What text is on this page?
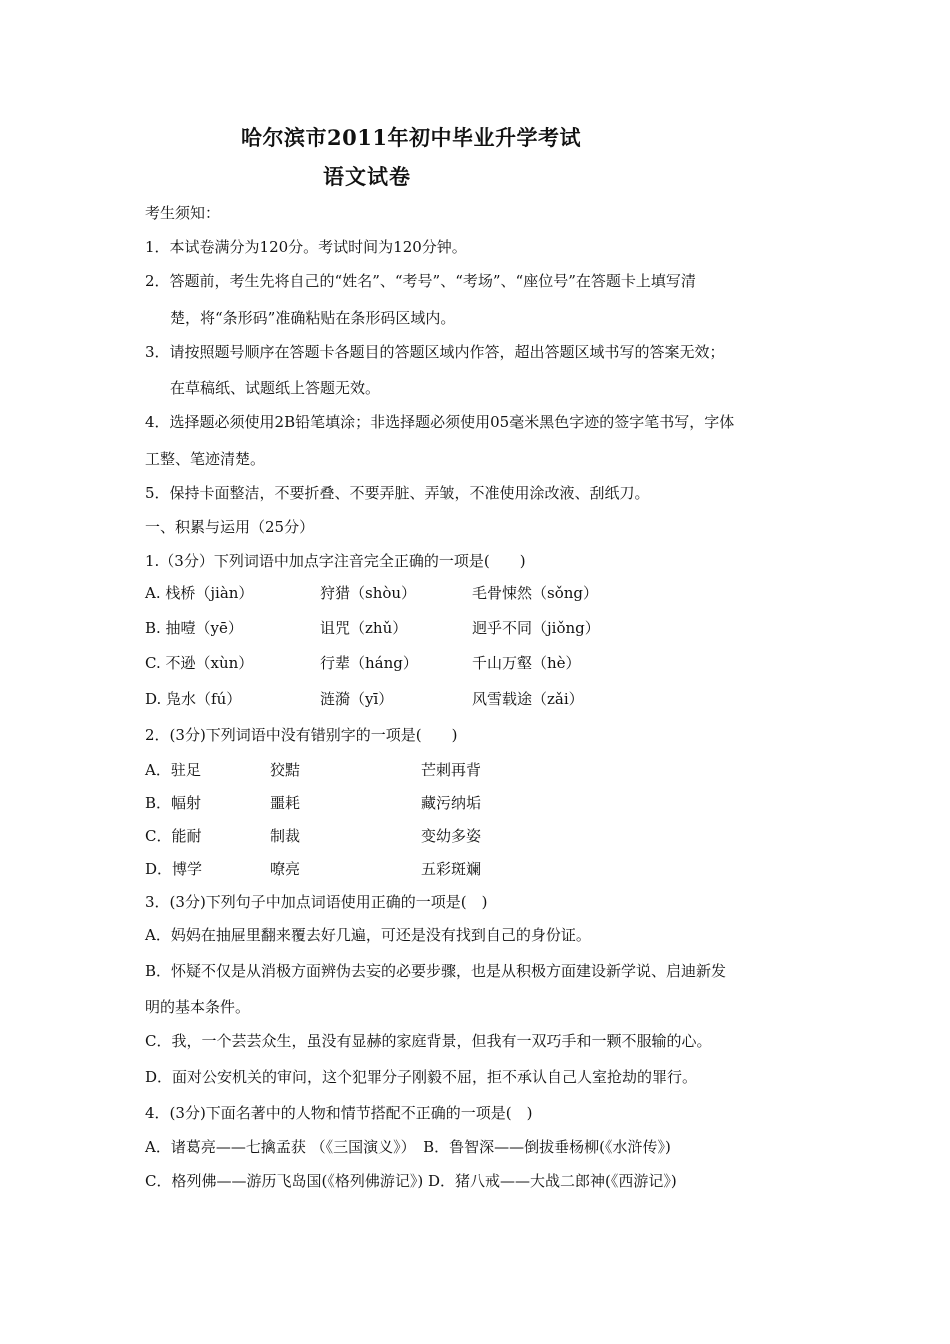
哈尔滨市2011年初中毕业升学考试
语文试卷
考生须知：
1．本试卷满分为120分。考试时间为120分钟。
2．答题前，考生先将自己的“姓名”、“考号”、“考场”、“座位号”在答题卡上填写清
楚，将“条形码”准确粘贴在条形码区域内。
3．请按照题号顺序在答题卡各题目的答题区域内作答，超出答题区域书写的答案无效；
在草稿纸、试题纸上答题无效。
4．选择题必须使用2B铅笔填涂；非选择题必须使用05毫米黑色字迹的签字笔书写，字体
工整、笔迹清楚。
5．保持卡面整洁，不要折叠、不要弄脏、弄皱，不准使用涂改液、刮纸刀。
一、积累与运用（25分）
1.（3分）下列词语中加点字注音完全正确的一项是(　　)
A. 栈桥（jiàn）	狩猎（shòu）	毛骨悚然（sǒng）
B. 抽噎（yē）	诅咒（zhǔ）	迥乎不同（jiǒng）
C. 不逊（xùn）	行辈（háng）	千山万壑（hè）
D. 凫水（fú）	涟漪（yī）	风雪载途（zǎi）
2．(3分)下列词语中没有错别字的一项是(　　)
A．驻足	狡黠	芒刺再背
B．幅射	噩耗	藏污纳垢
C．能耐	制裁	变幼多姿
D．博学	嘹亮	五彩斑斓
3．(3分)下列句子中加点词语使用正确的一项是(　)
A．妈妈在抽屉里翻来覆去好几遍，可还是没有找到自己的身份证。
B．怀疑不仅是从消极方面辨伪去妄的必要步骤，也是从积极方面建设新学说、启迪新发
明的基本条件。
C．我，一个芸芸众生，虽没有显赫的家庭背景，但我有一双巧手和一颗不服输的心。
D．面对公安机关的审问，这个犯罪分子刚毅不屈，拒不承认自己人室抢劫的罪行。
4．(3分)下面名著中的人物和情节搭配不正确的一项是(　)
A．诸葛亮——七擒孟获 （《三国演义》）　B．鲁智深——倒拔垂杨柳(《水浒传》)
C．格列佛——游历飞岛国(《格列佛游记》) D．猪八戒——大战二郎神(《西游记》)
